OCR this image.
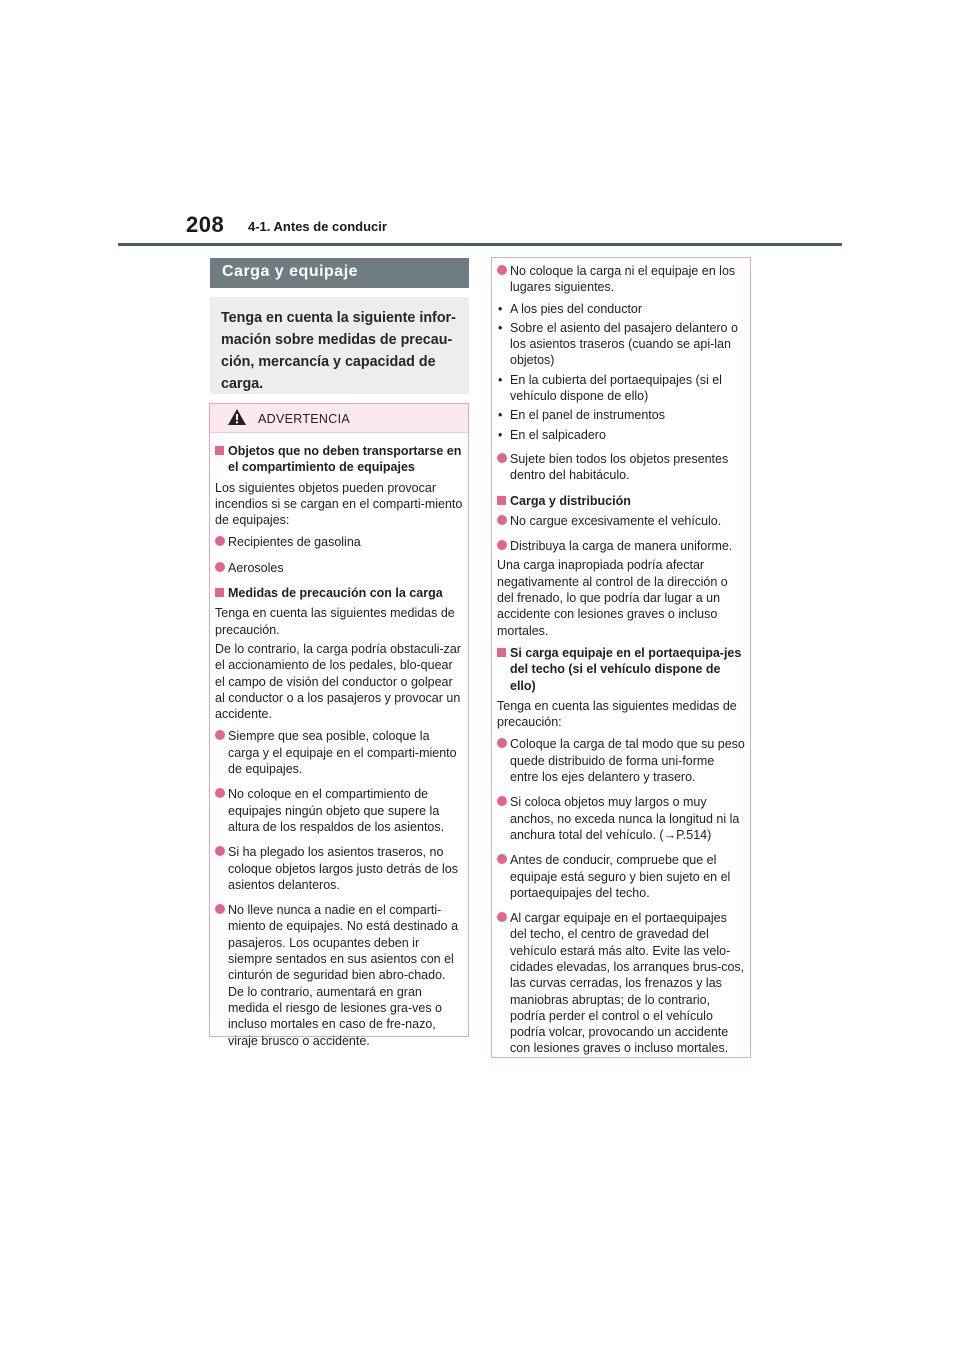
208 4-1. Antes de conducir
Carga y equipaje
Tenga en cuenta la siguiente infor-
mación sobre medidas de precau-
ción, mercancía y capacidad de
carga.
ADVERTENCIA
Objetos que no deben transportarse en el compartimiento de equipajes
Los siguientes objetos pueden provocar incendios si se cargan en el comparti-miento de equipajes:
Recipientes de gasolina
Aerosoles
Medidas de precaución con la carga
Tenga en cuenta las siguientes medidas de precaución.
De lo contrario, la carga podría obstaculi-zar el accionamiento de los pedales, blo-quear el campo de visión del conductor o golpear al conductor o a los pasajeros y provocar un accidente.
Siempre que sea posible, coloque la carga y el equipaje en el comparti-miento de equipajes.
No coloque en el compartimiento de equipajes ningún objeto que supere la altura de los respaldos de los asientos.
Si ha plegado los asientos traseros, no coloque objetos largos justo detrás de los asientos delanteros.
No lleve nunca a nadie en el comparti-miento de equipajes. No está destinado a pasajeros. Los ocupantes deben ir siempre sentados en sus asientos con el cinturón de seguridad bien abro-chado. De lo contrario, aumentará en gran medida el riesgo de lesiones gra-ves o incluso mortales en caso de fre-nazo, viraje brusco o accidente.
No coloque la carga ni el equipaje en los lugares siguientes.
• A los pies del conductor
• Sobre el asiento del pasajero delantero o los asientos traseros (cuando se api-lan objetos)
• En la cubierta del portaequipajes (si el vehículo dispone de ello)
• En el panel de instrumentos
• En el salpicadero
Sujete bien todos los objetos presentes dentro del habitáculo.
Carga y distribución
No cargue excesivamente el vehículo.
Distribuya la carga de manera uniforme.
Una carga inapropiada podría afectar negativamente al control de la dirección o del frenado, lo que podría dar lugar a un accidente con lesiones graves o incluso mortales.
Si carga equipaje en el portaequipa-jes del techo (si el vehículo dispone de ello)
Tenga en cuenta las siguientes medidas de precaución:
Coloque la carga de tal modo que su peso quede distribuido de forma uni-forme entre los ejes delantero y trasero.
Si coloca objetos muy largos o muy anchos, no exceda nunca la longitud ni la anchura total del vehículo. (→P.514)
Antes de conducir, compruebe que el equipaje está seguro y bien sujeto en el portaequipajes del techo.
Al cargar equipaje en el portaequipajes del techo, el centro de gravedad del vehículo estará más alto. Evite las velo-cidades elevadas, los arranques brus-cos, las curvas cerradas, los frenazos y las maniobras abruptas; de lo contrario, podría perder el control o el vehículo podría volcar, provocando un accidente con lesiones graves o incluso mortales.
